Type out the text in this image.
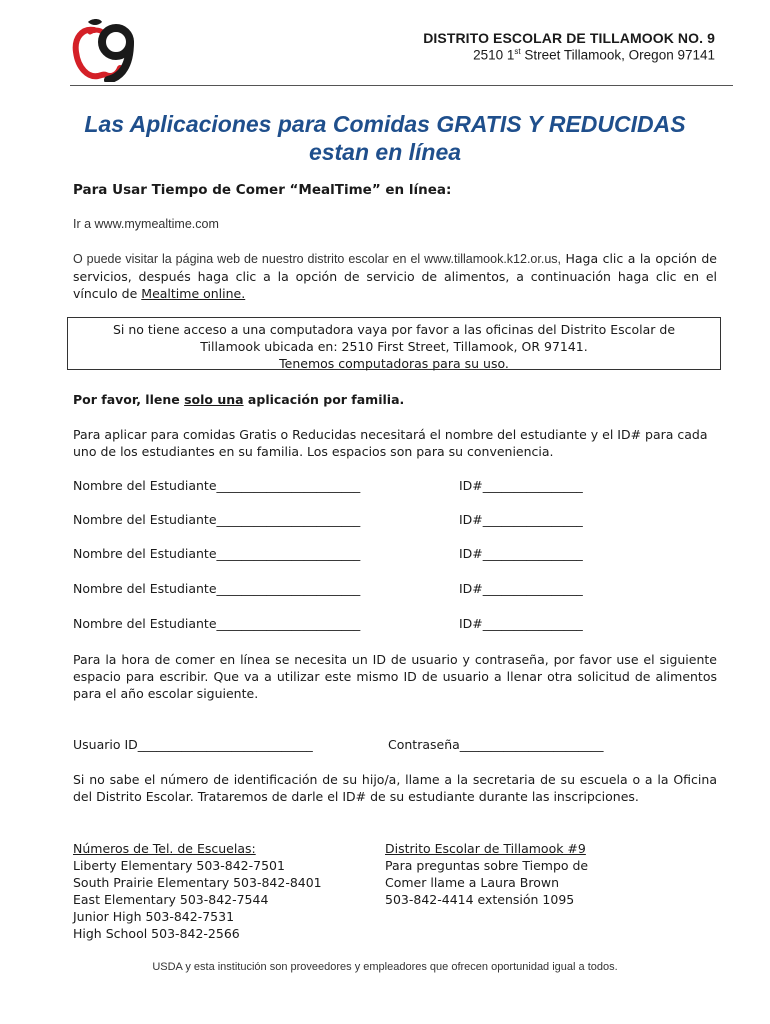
DISTRITO ESCOLAR DE TILLAMOOK NO. 9
2510 1st Street Tillamook, Oregon 97141
Las Aplicaciones para Comidas GRATIS Y REDUCIDAS
estan en línea
Para Usar Tiempo de Comer “MealTime” en línea:
Ir a www.mymealtime.com
O puede visitar la página web de nuestro distrito escolar en el www.tillamook.k12.or.us, Haga clic a la opción de servicios, después haga clic a la opción de servicio de alimentos, a continuación haga clic en el vínculo de Mealtime online.
Si no tiene acceso a una computadora vaya por favor a las oficinas del Distrito Escolar de
Tillamook ubicada en: 2510 First Street, Tillamook, OR 97141.
Tenemos computadoras para su uso.
Por favor, llene solo una aplicación por familia.
Para aplicar para comidas Gratis o Reducidas necesitará el nombre del estudiante y el ID# para cada uno de los estudiantes en su familia. Los espacios son para su conveniencia.
Nombre del Estudiante_______________________	ID#________________
Nombre del Estudiante_______________________	ID#________________
Nombre del Estudiante_______________________	ID#________________
Nombre del Estudiante_______________________	ID#________________
Nombre del Estudiante_______________________	ID#________________
Para la hora de comer en línea se necesita un ID de usuario y contraseña, por favor use el siguiente espacio para escribir. Que va a utilizar este mismo ID de usuario a llenar otra solicitud de alimentos para el año escolar siguiente.
Usuario ID____________________________	Contraseña_______________________
Si no sabe el número de identificación de su hijo/a, llame a la secretaria de su escuela o a la Oficina del Distrito Escolar. Trataremos de darle el ID# de su estudiante durante las inscripciones.
Números de Tel. de Escuelas:
Liberty Elementary 503-842-7501
South Prairie Elementary 503-842-8401
East Elementary 503-842-7544
Junior High 503-842-7531
High School 503-842-2566
Distrito Escolar de Tillamook #9
Para preguntas sobre Tiempo de
Comer llame a Laura Brown
503-842-4414 extensión 1095
USDA y esta institución son proveedores y empleadores que ofrecen oportunidad igual a todos.
